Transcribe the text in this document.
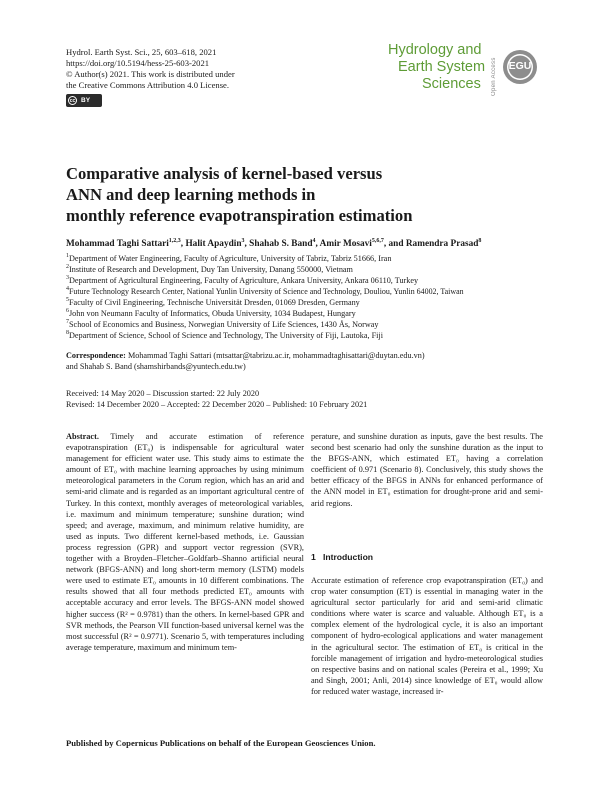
Hydrol. Earth Syst. Sci., 25, 603–618, 2021
https://doi.org/10.5194/hess-25-603-2021
© Author(s) 2021. This work is distributed under
the Creative Commons Attribution 4.0 License.
cc BY
Hydrology and
Earth System
Sciences Open Access	EGU
Comparative analysis of kernel-based versus
ANN and deep learning methods in
monthly reference evapotranspiration estimation
Mohammad Taghi Sattari$^{1,2,3}$, Halit Apaydin$^3$, Shahab S. Band$^4$, Amir Mosavi$^{5,6,7}$, and Ramendra Prasad$^8$
$^1$Department of Water Engineering, Faculty of Agriculture, University of Tabriz, Tabriz 51666, Iran
$^2$Institute of Research and Development, Duy Tan University, Danang 550000, Vietnam
$^3$Department of Agricultural Engineering, Faculty of Agriculture, Ankara University, Ankara 06110, Turkey
$^4$Future Technology Research Center, National Yunlin University of Science and Technology, Douliou, Yunlin 64002, Taiwan
$^5$Faculty of Civil Engineering, Technische Universität Dresden, 01069 Dresden, Germany
$^6$John von Neumann Faculty of Informatics, Obuda University, 1034 Budapest, Hungary
$^7$School of Economics and Business, Norwegian University of Life Sciences, 1430 Ås, Norway
$^8$Department of Science, School of Science and Technology, The University of Fiji, Lautoka, Fiji
Correspondence: Mohammad Taghi Sattari (mtsattar@tabrizu.ac.ir, mohammadtaghisattari@duytan.edu.vn)
and Shahab S. Band (shamshirbands@yuntech.edu.tw)
Received: 14 May 2020 – Discussion started: 22 July 2020
Revised: 14 December 2020 – Accepted: 22 December 2020 – Published: 10 February 2021

Abstract. Timely and accurate estimation of reference evapotranspiration (ET₀) is indispensable for agricultural water management for efficient water use. This study aims to estimate the amount of ET₀ with machine learning approaches by using minimum meteorological parameters in the Corum region, which has an arid and semi-arid climate and is regarded as an important agricultural centre of Turkey. In this context, monthly averages of meteorological variables, i.e. maximum and minimum temperature; sunshine duration; wind speed; and average, maximum, and minimum relative humidity, are used as inputs. Two different kernel-based methods, i.e. Gaussian process regression (GPR) and support vector regression (SVR), together with a Broyden–Fletcher–Goldfarb–Shanno artificial neural network (BFGS-ANN) and long short-term memory (LSTM) models were used to estimate ET₀ amounts in 10 different combinations. The results showed that all four methods predicted ET₀ amounts with acceptable accuracy and error levels. The BFGS-ANN model showed higher success (R² = 0.9781) than the others. In kernel-based GPR and SVR methods, the Pearson VII function-based universal kernel was the most successful (R² = 0.9771). Scenario 5, with temperatures including average temperature, maximum and minimum tem-

perature, and sunshine duration as inputs, gave the best results. The second best scenario had only the sunshine duration as the input to the BFGS-ANN, which estimated ET₀ having a correlation coefficient of 0.971 (Scenario 8). Conclusively, this study shows the better efficacy of the BFGS in ANNs for enhanced performance of the ANN model in ET₀ estimation for drought-prone arid and semi-arid regions.

1   Introduction

Accurate estimation of reference crop evapotranspiration (ET₀) and crop water consumption (ET) is essential in managing water in the agricultural sector particularly for arid and semi-arid climatic conditions where water is scarce and valuable. Although ET₀ is a complex element of the hydrological cycle, it is also an important component of hydro-ecological applications and water management in the agricultural sector. The estimation of ET₀ is critical in the forcible management of irrigation and hydro-meteorological studies on respective basins and on national scales (Pereira et al., 1999; Xu and Singh, 2001; Anli, 2014) since knowledge of ET₀ would allow for reduced water wastage, increased ir-

Published by Copernicus Publications on behalf of the European Geosciences Union.
